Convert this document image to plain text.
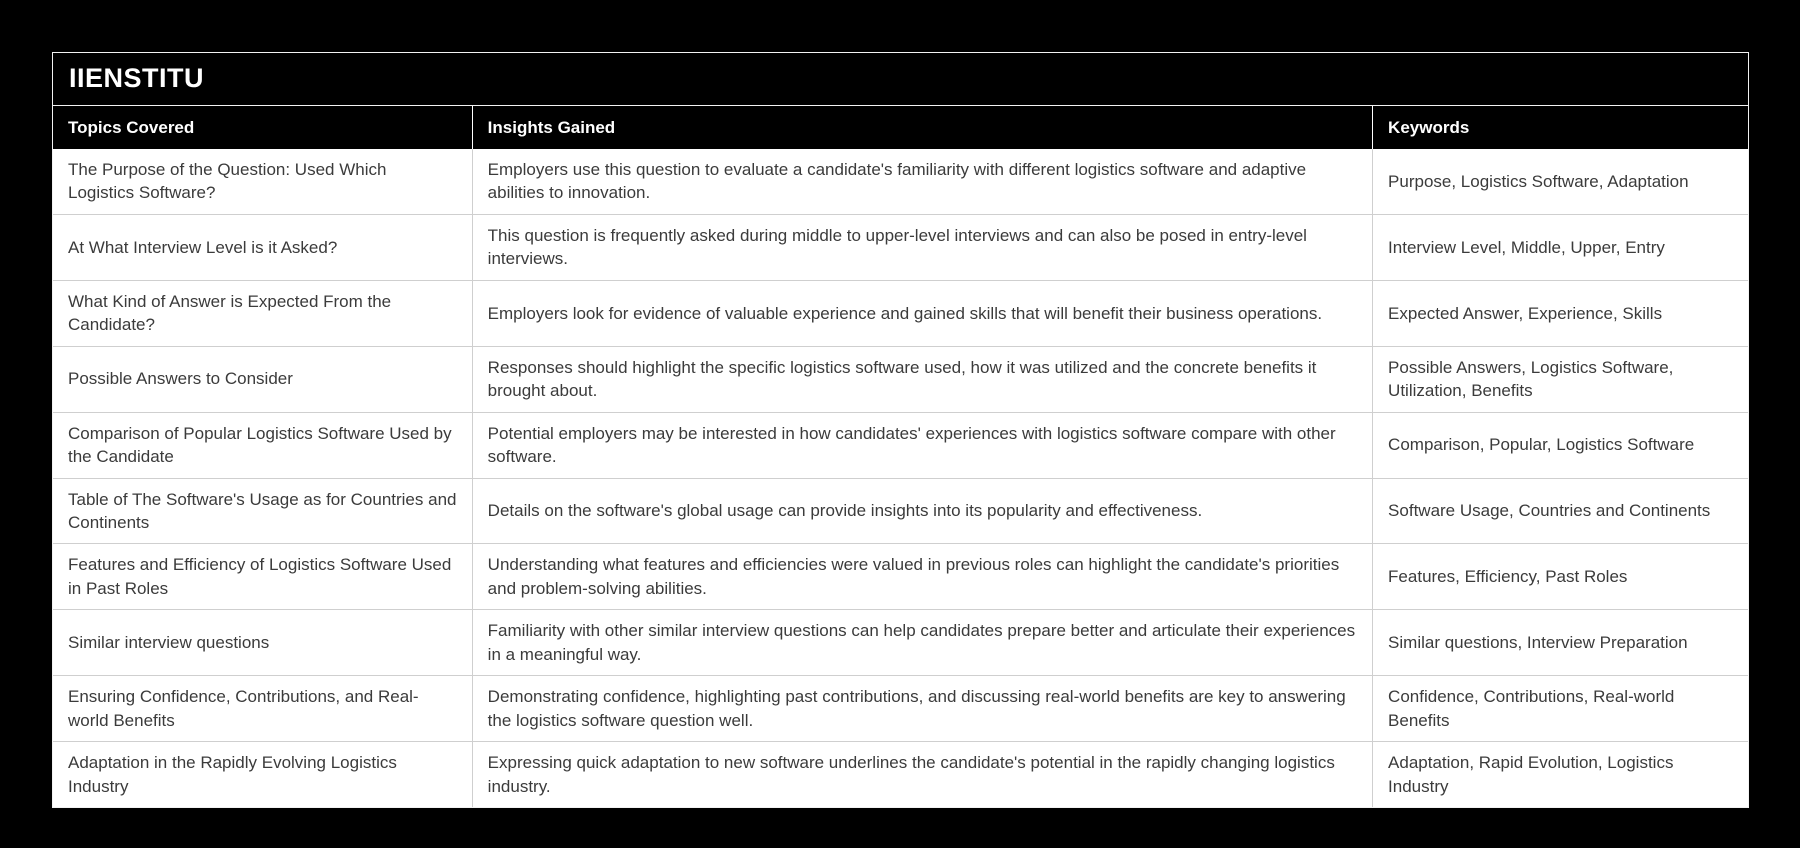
IIENSTITU
Topics Covered	Insights Gained	Keywords
The Purpose of the Question: Used Which Logistics Software?	Employers use this question to evaluate a candidate's familiarity with different logistics software and adaptive abilities to innovation.	Purpose, Logistics Software, Adaptation
At What Interview Level is it Asked?	This question is frequently asked during middle to upper-level interviews and can also be posed in entry-level interviews.	Interview Level, Middle, Upper, Entry
What Kind of Answer is Expected From the Candidate?	Employers look for evidence of valuable experience and gained skills that will benefit their business operations.	Expected Answer, Experience, Skills
Possible Answers to Consider	Responses should highlight the specific logistics software used, how it was utilized and the concrete benefits it brought about.	Possible Answers, Logistics Software, Utilization, Benefits
Comparison of Popular Logistics Software Used by the Candidate	Potential employers may be interested in how candidates' experiences with logistics software compare with other software.	Comparison, Popular, Logistics Software
Table of The Software's Usage as for Countries and Continents	Details on the software's global usage can provide insights into its popularity and effectiveness.	Software Usage, Countries and Continents
Features and Efficiency of Logistics Software Used in Past Roles	Understanding what features and efficiencies were valued in previous roles can highlight the candidate's priorities and problem-solving abilities.	Features, Efficiency, Past Roles
Similar interview questions	Familiarity with other similar interview questions can help candidates prepare better and articulate their experiences in a meaningful way.	Similar questions, Interview Preparation
Ensuring Confidence, Contributions, and Real-world Benefits	Demonstrating confidence, highlighting past contributions, and discussing real-world benefits are key to answering the logistics software question well.	Confidence, Contributions, Real-world Benefits
Adaptation in the Rapidly Evolving Logistics Industry	Expressing quick adaptation to new software underlines the candidate's potential in the rapidly changing logistics industry.	Adaptation, Rapid Evolution, Logistics Industry
